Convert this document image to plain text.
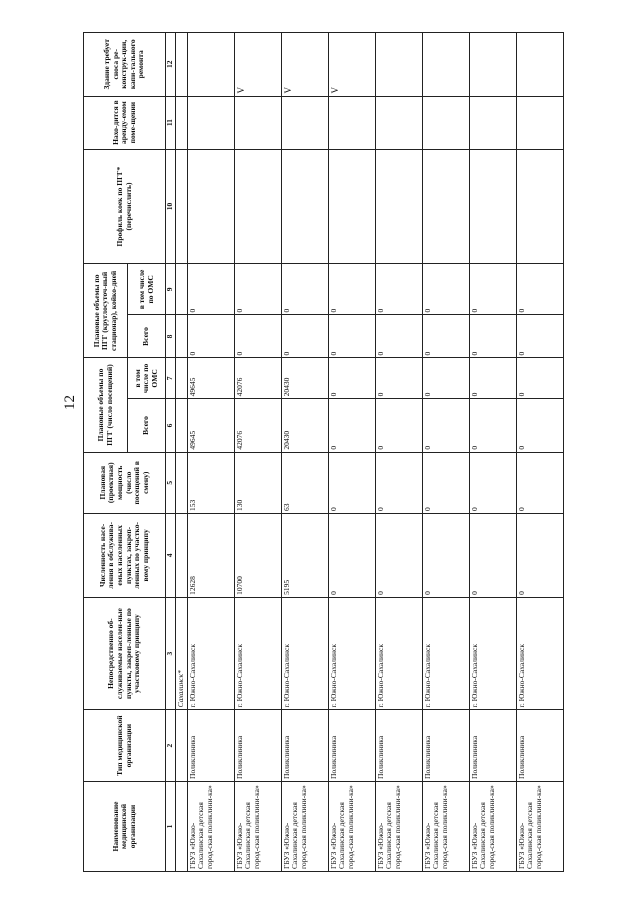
12
Наименование медицинской организации	Тип медицинской организации	Непосредственно об-служиваемые населен-ные пункты, закреп-ленные по участковому принципу	Численность насе-ления в обслужива-емых населенных пунктах, закреп-ленных по участко-вому принципу	Плановая (проектная) мощность (число посещений в смену)	Плановые объемы по ПГГ (число посещений)		Плановые объемы по ПГГ (круглосуточ-ный стационар), койко-дней		Профиль коек по ПГГ* (перечислить)	Нахо-дится в аренду-емом поме-щении	Здание требует сноса ре-конструк-ции, капи-тального ремонта
					Всего	в том числе по ОМС	Всего	в том числе по ОМС			
1	2	3	4	5	6	7	8	9	10	11	12
		Сахалинск*									
ГБУЗ «Южно-Сахалинская детская город-ская поликлини-ка»	Поликлиника	г. Южно-Сахалинск	12628	153	49645	49645	0	0			
ГБУЗ «Южно-Сахалинская детская город-ская поликлини-ка»	Поликлиника	г. Южно-Сахалинск	10700	130	42076	42076	0	0			V
ГБУЗ «Южно-Сахалинская детская город-ская поликлини-ка»	Поликлиника	г. Южно-Сахалинск	5195	63	20430	20430	0	0			V
ГБУЗ «Южно-Сахалинская детская город-ская поликлини-ка»	Поликлиника	г. Южно-Сахалинск	0	0	0	0	0	0			V
ГБУЗ «Южно-Сахалинская детская город-ская поликлини-ка»	Поликлиника	г. Южно-Сахалинск	0	0	0	0	0	0			
ГБУЗ «Южно-Сахалинская детская город-ская поликлини-ка»	Поликлиника	г. Южно-Сахалинск	0	0	0	0	0	0			
ГБУЗ «Южно-Сахалинская детская город-ская поликлини-ка»	Поликлиника	г. Южно-Сахалинск	0	0	0	0	0	0			
ГБУЗ «Южно-Сахалинская детская город-ская поликлини-ка»	Поликлиника	г. Южно-Сахалинск	0	0	0	0	0	0			
